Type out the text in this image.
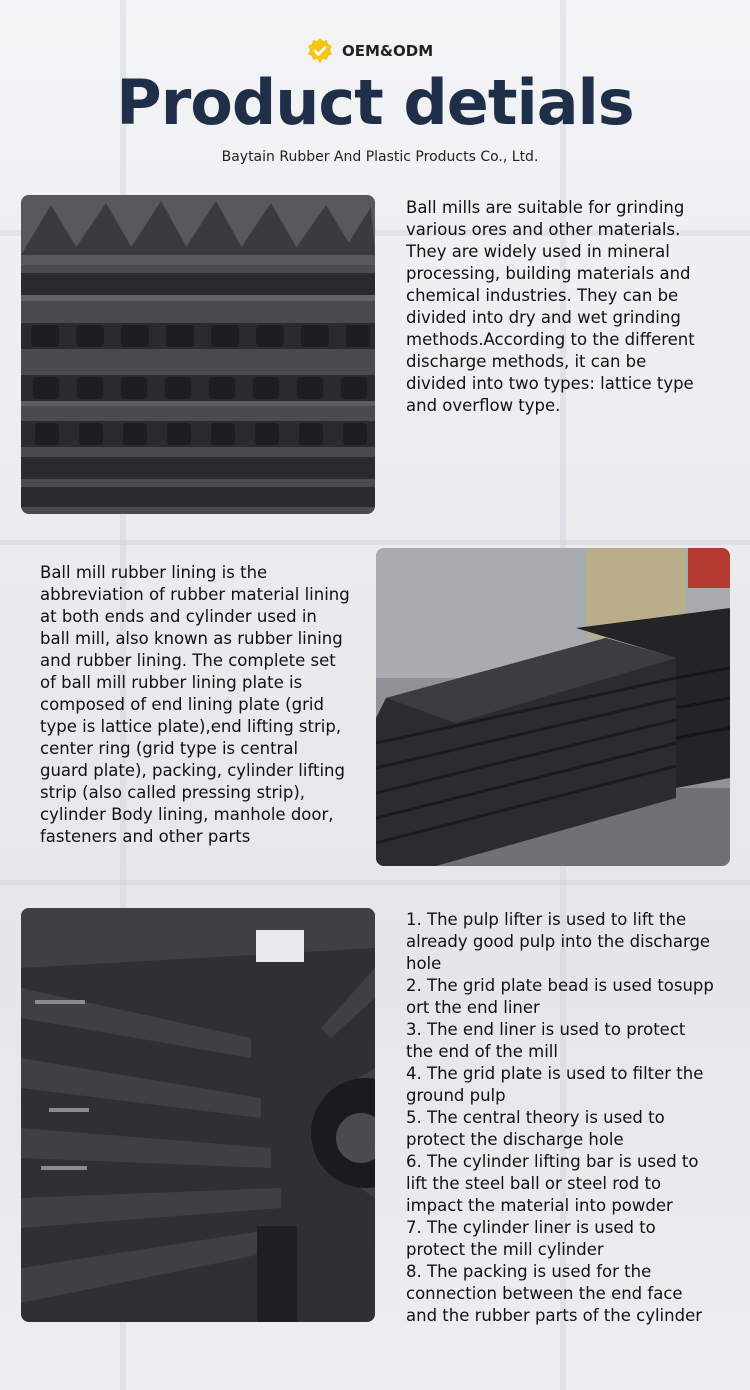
OEM&ODM
Product detials
Baytain Rubber And Plastic Products Co., Ltd.

Ball mills are suitable for grinding various ores and other materials. They are widely used in mineral processing, building materials and chemical industries. They can be divided into dry and wet grinding methods.According to the different discharge methods, it can be divided into two types: lattice type and overflow type.

Ball mill rubber lining is the abbreviation of rubber material lining at both ends and cylinder used in ball mill, also known as rubber lining and rubber lining. The complete set of ball mill rubber lining plate is composed of end lining plate (grid type is lattice plate),end lifting strip, center ring (grid type is central guard plate), packing, cylinder lifting strip (also called pressing strip), cylinder Body lining, manhole door, fasteners and other parts

1. The pulp lifter is used to lift the already good pulp into the discharge hole
2. The grid plate bead is used tosupp ort the end liner
3. The end liner is used to protect the end of the mill
4. The grid plate is used to filter the ground pulp
5. The central theory is used to protect the discharge hole
6. The cylinder lifting bar is used to lift the steel ball or steel rod to impact the material into powder
7. The cylinder liner is used to protect the mill cylinder
8. The packing is used for the connection between the end face and the rubber parts of the cylinder
